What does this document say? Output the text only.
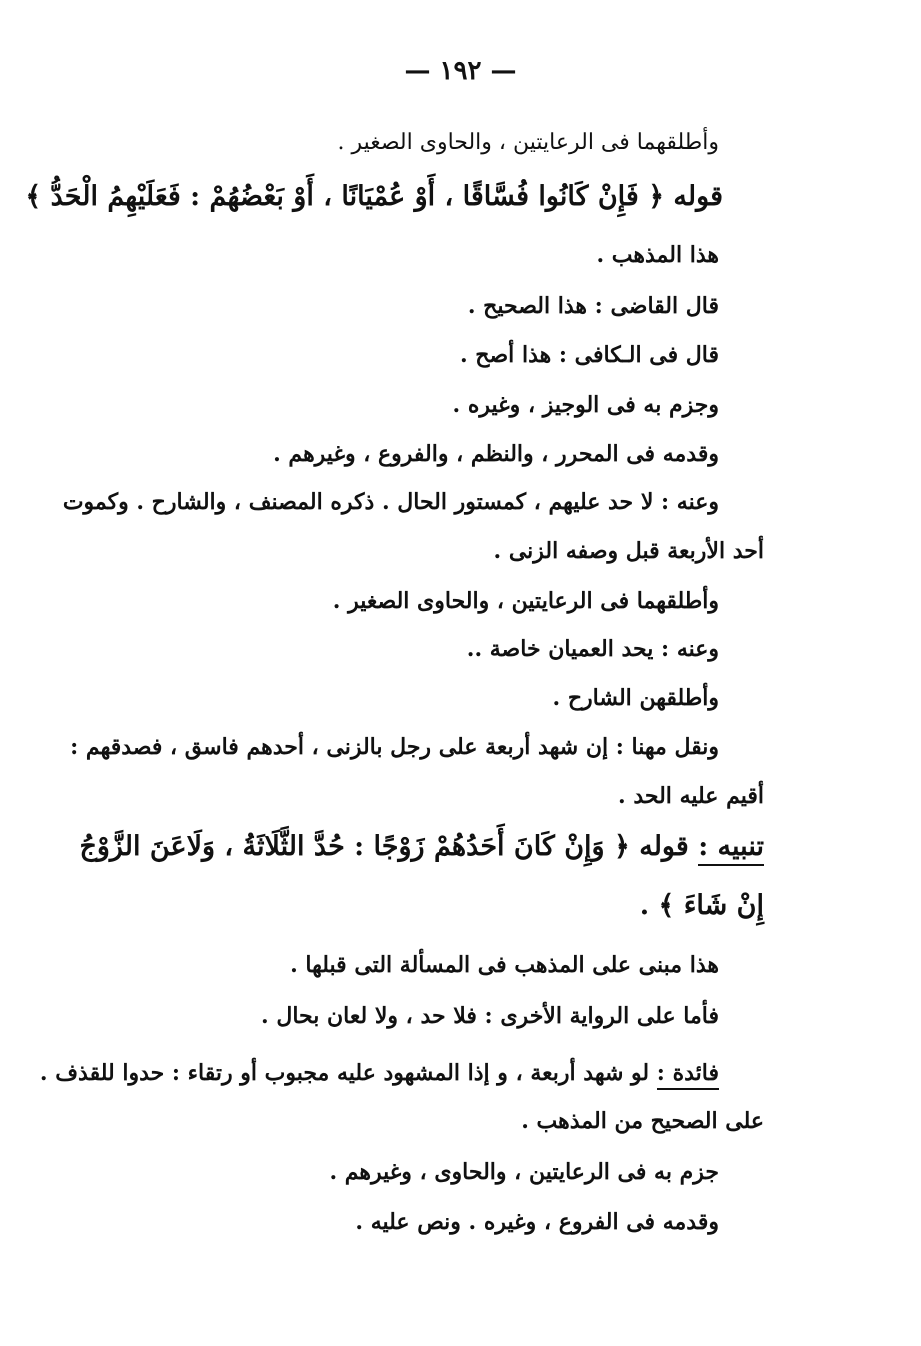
— ١٩٢ —
وأطلقهما فى الرعايتين ، والحاوى الصغير .
قوله ﴿ فَإِنْ كَانُوا فُسَّاقًا ، أَوْ عُمْيَانًا ، أَوْ بَعْضُهُمْ : فَعَلَيْهِمُ الْحَدُّ ﴾
هذا المذهب .
قال القاضى : هذا الصحيح .
قال فى الـكافى : هذا أصح .
وجزم به فى الوجيز ، وغيره .
وقدمه فى المحرر ، والنظم ، والفروع ، وغيرهم .
وعنه : لا حد عليهم ، كمستور الحال . ذكره المصنف ، والشارح . وكموت
أحد الأربعة قبل وصفه الزنى .
وأطلقهما فى الرعايتين ، والحاوى الصغير .
وعنه : يحد العميان خاصة ..
وأطلقهن الشارح .
ونقل مهنا : إن شهد أربعة على رجل بالزنى ، أحدهم فاسق ، فصدقهم :
أقيم عليه الحد .
تنبيه : قوله ﴿ وَإِنْ كَانَ أَحَدُهُمْ زَوْجًا : حُدَّ الثَّلَاثَةُ ، وَلَاعَنَ الزَّوْجُ
إِنْ شَاءَ ﴾ .
هذا مبنى على المذهب فى المسألة التى قبلها .
فأما على الرواية الأخرى : فلا حد ، ولا لعان بحال .
فائدة : لو شهد أربعة ، و إذا المشهود عليه مجبوب أو رتقاء : حدوا للقذف .
على الصحيح من المذهب .
جزم به فى الرعايتين ، والحاوى ، وغيرهم .
وقدمه فى الفروع ، وغيره . ونص عليه .
